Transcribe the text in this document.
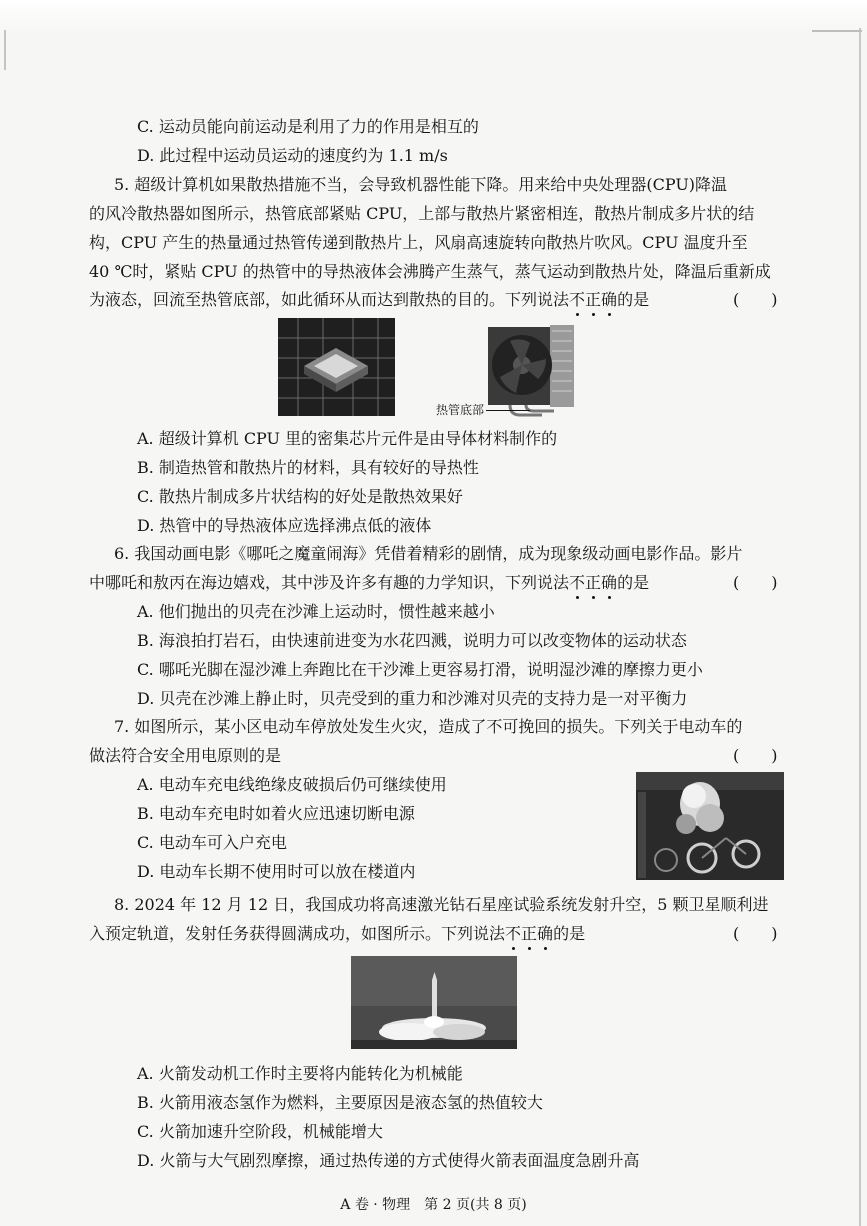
C. 运动员能向前运动是利用了力的作用是相互的
D. 此过程中运动员运动的速度约为 1.1 m/s
5. 超级计算机如果散热措施不当，会导致机器性能下降。用来给中央处理器(CPU)降温
的风冷散热器如图所示，热管底部紧贴 CPU，上部与散热片紧密相连，散热片制成多片状的结
构，CPU 产生的热量通过热管传递到散热片上，风扇高速旋转向散热片吹风。CPU 温度升至
40 ℃时，紧贴 CPU 的热管中的导热液体会沸腾产生蒸气，蒸气运动到散热片处，降温后重新成
为液态，回流至热管底部，如此循环从而达到散热的目的。下列说法不正确的是	(　　)
热管底部
A. 超级计算机 CPU 里的密集芯片元件是由导体材料制作的
B. 制造热管和散热片的材料，具有较好的导热性
C. 散热片制成多片状结构的好处是散热效果好
D. 热管中的导热液体应选择沸点低的液体
6. 我国动画电影《哪吒之魔童闹海》凭借着精彩的剧情，成为现象级动画电影作品。影片
中哪吒和敖丙在海边嬉戏，其中涉及许多有趣的力学知识，下列说法不正确的是	(　　)
A. 他们抛出的贝壳在沙滩上运动时，惯性越来越小
B. 海浪拍打岩石，由快速前进变为水花四溅，说明力可以改变物体的运动状态
C. 哪吒光脚在湿沙滩上奔跑比在干沙滩上更容易打滑，说明湿沙滩的摩擦力更小
D. 贝壳在沙滩上静止时，贝壳受到的重力和沙滩对贝壳的支持力是一对平衡力
7. 如图所示，某小区电动车停放处发生火灾，造成了不可挽回的损失。下列关于电动车的
做法符合安全用电原则的是	(　　)
A. 电动车充电线绝缘皮破损后仍可继续使用
B. 电动车充电时如着火应迅速切断电源
C. 电动车可入户充电
D. 电动车长期不使用时可以放在楼道内
8. 2024 年 12 月 12 日，我国成功将高速激光钻石星座试验系统发射升空，5 颗卫星顺利进
入预定轨道，发射任务获得圆满成功，如图所示。下列说法不正确的是	(　　)
A. 火箭发动机工作时主要将内能转化为机械能
B. 火箭用液态氢作为燃料，主要原因是液态氢的热值较大
C. 火箭加速升空阶段，机械能增大
D. 火箭与大气剧烈摩擦，通过热传递的方式使得火箭表面温度急剧升高
A 卷 · 物理　第 2 页(共 8 页)
